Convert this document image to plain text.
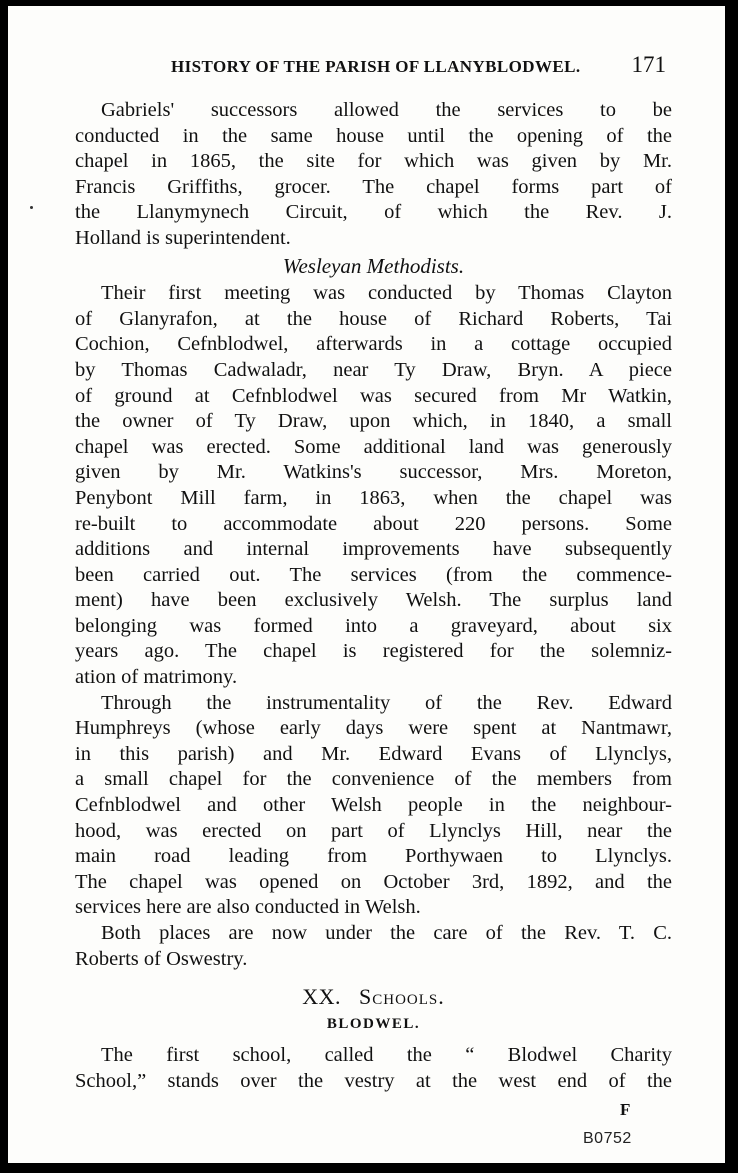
HISTORY OF THE PARISH OF LLANYBLODWEL.	171
Gabriels' successors allowed the services to be
conducted in the same house until the opening of the
chapel in 1865, the site for which was given by Mr.
Francis Griffiths, grocer. The chapel forms part of
the Llanymynech Circuit, of which the Rev. J.
Holland is superintendent.
Wesleyan Methodists.
Their first meeting was conducted by Thomas Clayton
of Glanyrafon, at the house of Richard Roberts, Tai
Cochion, Cefnblodwel, afterwards in a cottage occupied
by Thomas Cadwaladr, near Ty Draw, Bryn. A piece
of ground at Cefnblodwel was secured from Mr Watkin,
the owner of Ty Draw, upon which, in 1840, a small
chapel was erected. Some additional land was generously
given by Mr. Watkins's successor, Mrs. Moreton,
Penybont Mill farm, in 1863, when the chapel was
re-built to accommodate about 220 persons. Some
additions and internal improvements have subsequently
been carried out. The services (from the commence-
ment) have been exclusively Welsh. The surplus land
belonging was formed into a graveyard, about six
years ago. The chapel is registered for the solemniz-
ation of matrimony.
Through the instrumentality of the Rev. Edward
Humphreys (whose early days were spent at Nantmawr,
in this parish) and Mr. Edward Evans of Llynclys,
a small chapel for the convenience of the members from
Cefnblodwel and other Welsh people in the neighbour-
hood, was erected on part of Llynclys Hill, near the
main road leading from Porthywaen to Llynclys.
The chapel was opened on October 3rd, 1892, and the
services here are also conducted in Welsh.
Both places are now under the care of the Rev. T. C.
Roberts of Oswestry.
XX. Schools.
BLODWEL.
The first school, called the “ Blodwel Charity
School,” stands over the vestry at the west end of the
F
B0752
